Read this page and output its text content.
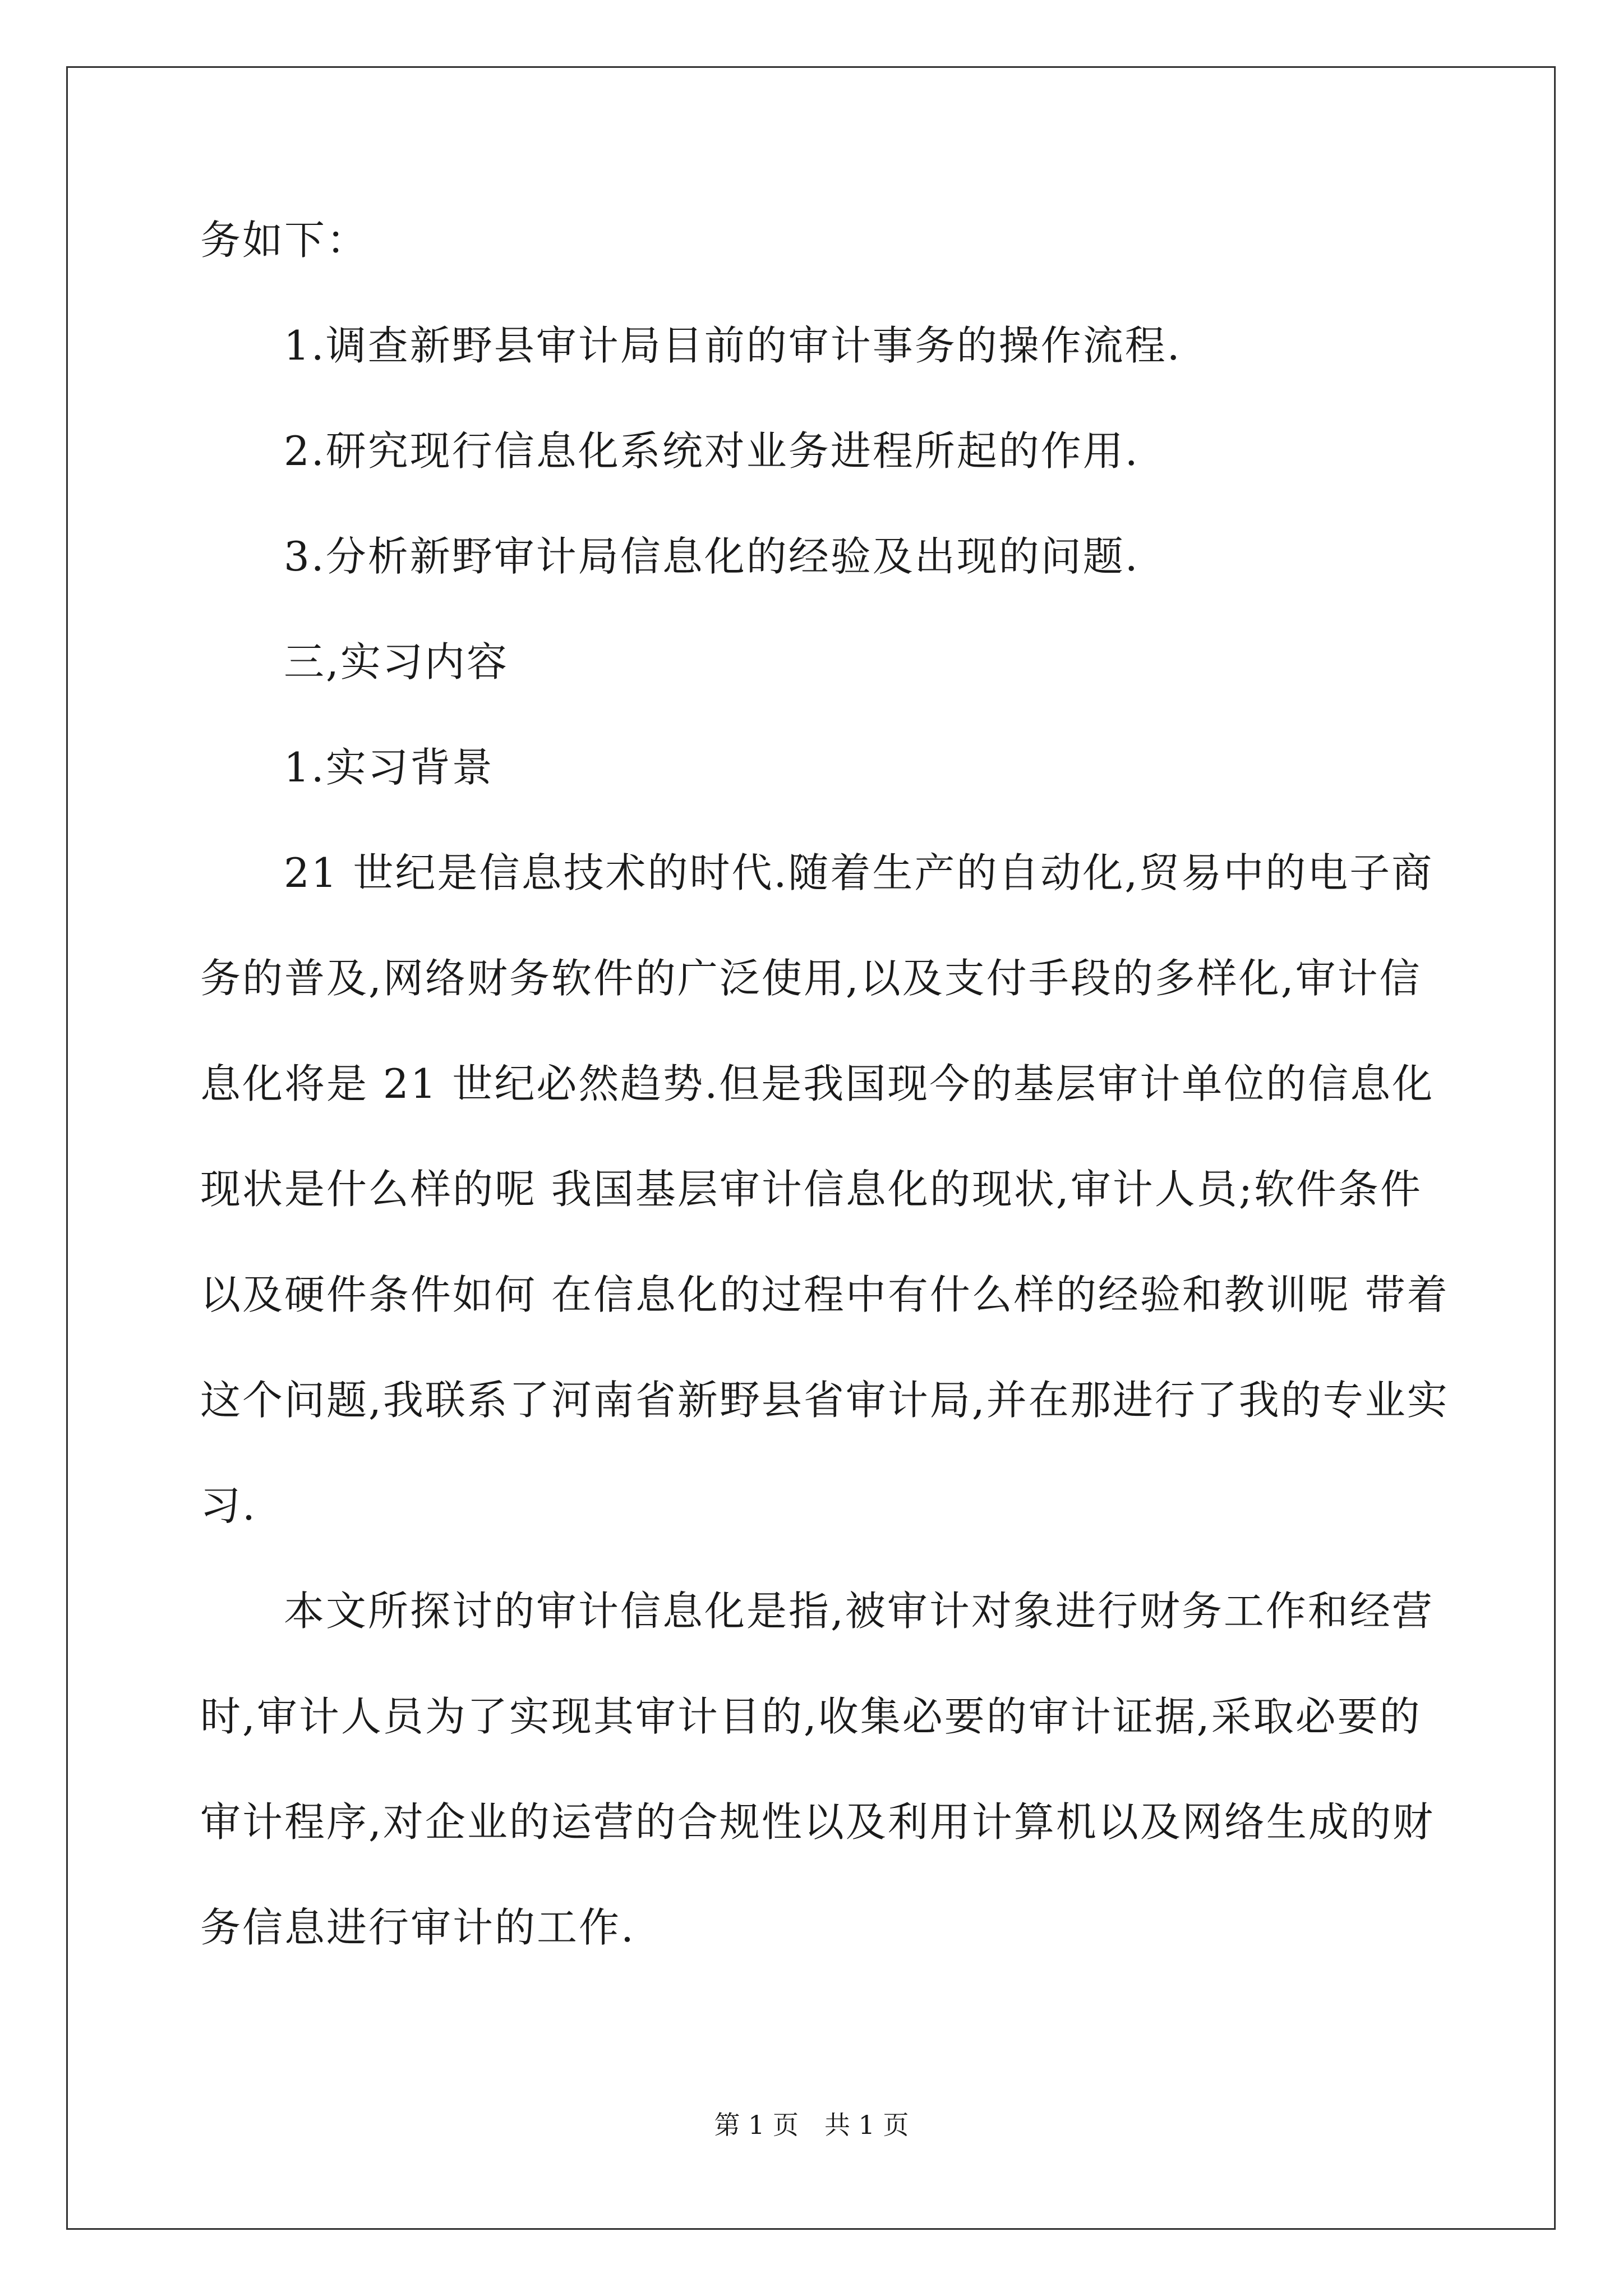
务如下：
1.调查新野县审计局目前的审计事务的操作流程.
2.研究现行信息化系统对业务进程所起的作用.
3.分析新野审计局信息化的经验及出现的问题.
三,实习内容
1.实习背景
21 世纪是信息技术的时代.随着生产的自动化,贸易中的电子商
务的普及,网络财务软件的广泛使用,以及支付手段的多样化,审计信
息化将是 21 世纪必然趋势.但是我国现今的基层审计单位的信息化
现状是什么样的呢 我国基层审计信息化的现状,审计人员;软件条件
以及硬件条件如何 在信息化的过程中有什么样的经验和教训呢 带着
这个问题,我联系了河南省新野县省审计局,并在那进行了我的专业实
习.
本文所探讨的审计信息化是指,被审计对象进行财务工作和经营
时,审计人员为了实现其审计目的,收集必要的审计证据,采取必要的
审计程序,对企业的运营的合规性以及利用计算机以及网络生成的财
务信息进行审计的工作.
第 1 页　共 1 页
